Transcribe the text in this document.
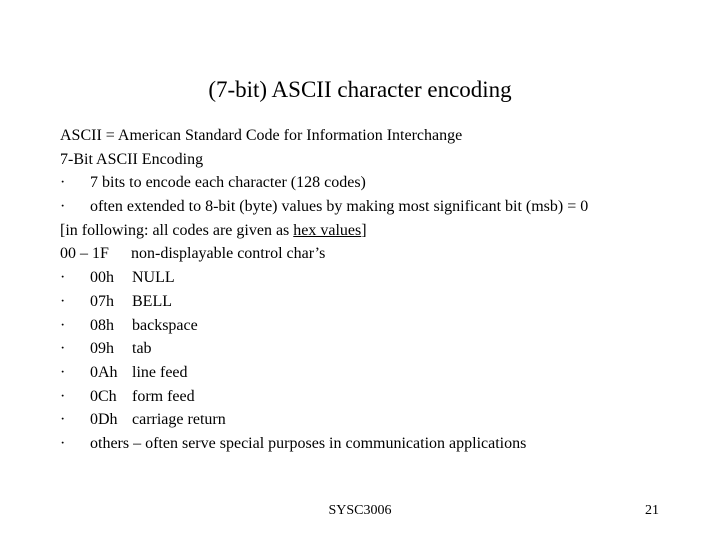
(7-bit) ASCII character encoding
ASCII = American Standard Code for Information Interchange
7-Bit ASCII Encoding
· 7 bits to encode each character (128 codes)
· often extended to 8-bit (byte) values by making most significant bit (msb) = 0
[in following: all codes are given as hex values]
00 – 1F non-displayable control char’s
· 00h NULL
· 07h BELL
· 08h backspace
· 09h tab
· 0Ah line feed
· 0Ch form feed
· 0Dh carriage return
· others – often serve special purposes in communication applications
SYSC3006	21
